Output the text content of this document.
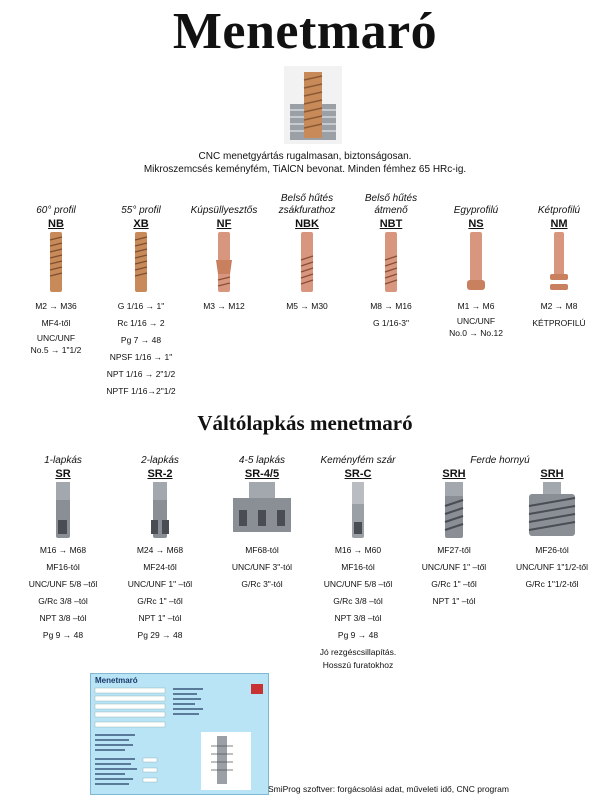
Menetmaró
CNC menetgyártás rugalmasan, biztonságosan.
Mikroszemcsés keményfém, TiAlCN bevonat. Minden fémhez 65 HRc-ig.

60° profil
NB
M2 → M36
MF4-től
UNC/UNF
No.5 → 1"1/2

55° profil
XB
G 1/16 → 1"
Rc 1/16 → 2
Pg 7 → 48
NPSF 1/16 → 1"
NPT 1/16 → 2"1/2
NPTF 1/16→2"1/2

Kúpsüllyesztős
NF
M3 → M12
Belső hűtés
zsákfurathoz
NBK
M5 → M30
Belső hűtés
átmenő
NBT
M8 → M16
G 1/16-3"

Egyprofilú
NS
M1 → M6
UNC/UNF
No.0 → No.12

Kétprofilú
NM
M2 → M8
KÉTPROFILÚ
Váltólapkás menetmaró
Ferde hornyú
1-lapkás
SR
M16 → M68
MF16-tól
UNC/UNF 5/8 –től
G/Rc 3/8 –tól
NPT 3/8 –tól
Pg 9 → 48
2-lapkás
SR-2
M24 → M68
MF24-től
UNC/UNF 1" –től
G/Rc 1" –től
NPT 1" –tól
Pg 29 → 48
4-5 lapkás
SR-4/5
MF68-tól
UNC/UNF 3"-tól
G/Rc 3"-tól
Keményfém szár
SR-C
M16 → M60
MF16-tól
UNC/UNF 5/8 –től
G/Rc 3/8 –tól
NPT 3/8 –tól
Pg 9 → 48
Jó rezgéscsillapítás.
Hosszú furatokhoz

SRH
MF27-től
UNC/UNF 1" –től
G/Rc 1" –től
NPT 1" –tól

SRH
MF26-tól
UNC/UNF 1"1/2-től
G/Rc 1"1/2-től
Menetmaró
SmiProg szoftver: forgácsolási adat, műveleti idő, CNC program
